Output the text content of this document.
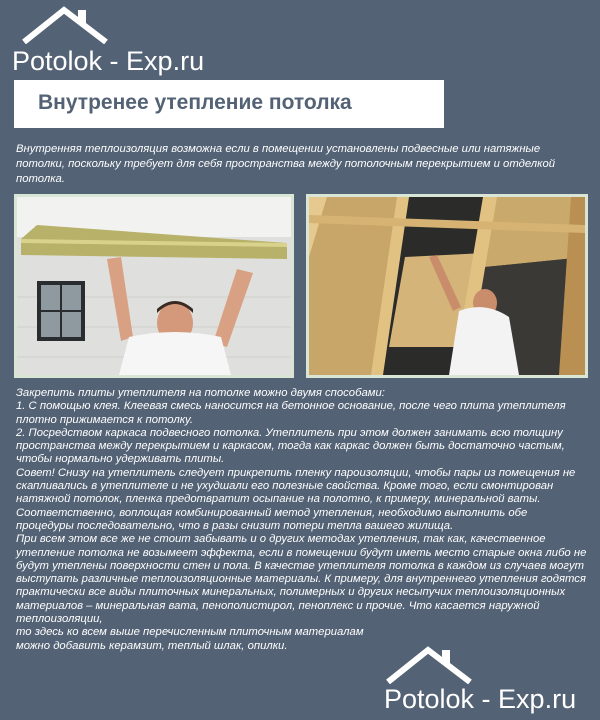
Potolok - Exp.ru
Внутренее утепление потолка
Внутренняя теплоизоляция возможна если в помещении установлены подвесные или натяжные потолки, поскольку требует для себя пространства между потолочным перекрытием и отделкой потолка.

Закрепить плиты утеплителя на потолке можно двумя способами:

1. С помощью клея. Клеевая смесь наносится на бетонное основание, после чего плита утеплителя плотно прижимается к потолку.

2. Посредством каркаса подвесного потолка. Утеплитель при этом должен занимать всю толщину пространства между перекрытием и каркасом, тогда как каркас должен быть достаточно частым, чтобы нормально удерживать плиты.

Совет! Снизу на утеплитель следует прикрепить пленку пароизоляции, чтобы пары из помещения не скапливались в утеплителе и не ухудшали его полезные свойства. Кроме того, если смонтирован натяжной потолок, пленка предотвратит осыпание на полотно, к примеру, минеральной ваты. Соответственно, воплощая комбинированный метод утепления, необходимо выполнить обе процедуры последовательно, что в разы снизит потери тепла вашего жилища.

При всем этом все же не стоит забывать и о других методах утепления, так как, качественное утепление потолка не возымеет эффекта, если в помещении будут иметь место старые окна либо не будут утеплены поверхности стен и пола. В качестве утеплителя потолка в каждом из случаев могут выступать различные теплоизоляционные материалы. К примеру, для внутреннего утепления годятся практически все виды плиточных минеральных, полимерных и других несыпучих теплоизоляционных материалов – минеральная вата, пенополистирол, пеноплекс и прочие. Что касается наружной теплоизоляции,

то здесь ко всем выше перечисленным плиточным материалам

можно добавить керамзит, теплый шлак, опилки.

Potolok - Exp.ru
